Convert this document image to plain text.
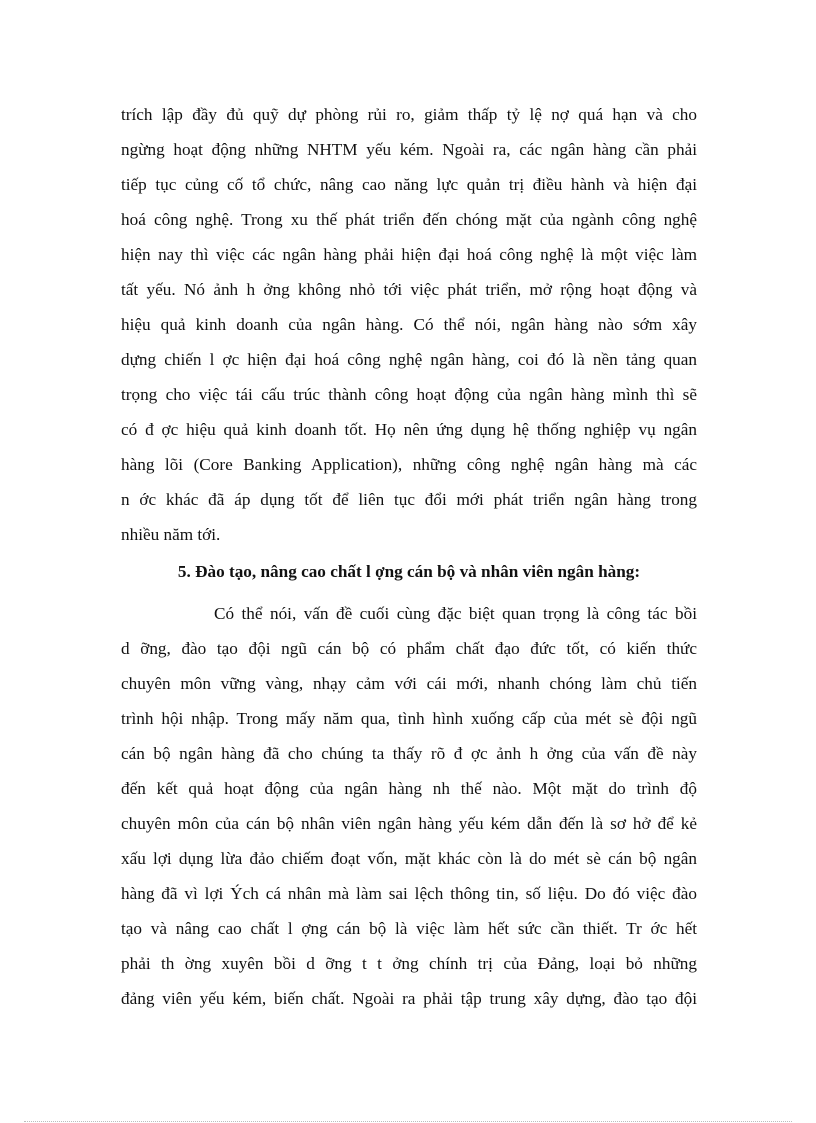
trích lập đầy đủ quỹ dự phòng rủi ro, giảm thấp tỷ lệ nợ quá hạn và cho
ngừng hoạt động những NHTM yếu kém. Ngoài ra, các ngân hàng cần phải
tiếp tục củng cố tổ chức, nâng cao năng lực quản trị điều hành và hiện đại
hoá công nghệ. Trong xu thế phát triển đến chóng mặt của ngành công nghệ
hiện nay thì việc các ngân hàng phải hiện đại hoá công nghệ là một việc làm
tất yếu. Nó ảnh h ởng không nhỏ tới việc phát triển, mở rộng hoạt động và
hiệu quả kinh doanh của ngân hàng. Có thể nói, ngân hàng nào sớm xây
dựng chiến l ợc hiện đại hoá công nghệ ngân hàng, coi đó là nền tảng quan
trọng cho việc tái cấu trúc thành công hoạt động của ngân hàng mình thì sẽ
có đ ợc hiệu quả kinh doanh tốt. Họ nên ứng dụng hệ thống nghiệp vụ ngân
hàng lõi (Core Banking Application), những công nghệ ngân hàng mà các
n ớc khác đã áp dụng tốt để liên tục đổi mới phát triển ngân hàng trong
nhiều năm tới.
5. Đào tạo, nâng cao chất l ợng cán bộ và nhân viên ngân hàng:
Có thể nói, vấn đề cuối cùng đặc biệt quan trọng là công tác bồi
d ỡng, đào tạo đội ngũ cán bộ có phẩm chất đạo đức tốt, có kiến thức
chuyên môn vững vàng, nhạy cảm với cái mới, nhanh chóng làm chủ tiến
trình hội nhập. Trong mấy năm qua, tình hình xuống cấp của mét sè đội ngũ
cán bộ ngân hàng đã cho chúng ta thấy rõ đ ợc ảnh h ởng của vấn đề này
đến kết quả hoạt động của ngân hàng nh thế nào. Một mặt do trình độ
chuyên môn của cán bộ nhân viên ngân hàng yếu kém dẫn đến là sơ hở để kẻ
xấu lợi dụng lừa đảo chiếm đoạt vốn, mặt khác còn là do mét sè cán bộ ngân
hàng đã vì lợi Ých cá nhân mà làm sai lệch thông tin, số liệu. Do đó việc đào
tạo và nâng cao chất l ợng cán bộ là việc làm hết sức cần thiết. Tr ớc hết
phải th ờng xuyên bồi d ỡng t t ởng chính trị của Đảng, loại bỏ những
đảng viên yếu kém, biến chất. Ngoài ra phải tập trung xây dựng, đào tạo đội
